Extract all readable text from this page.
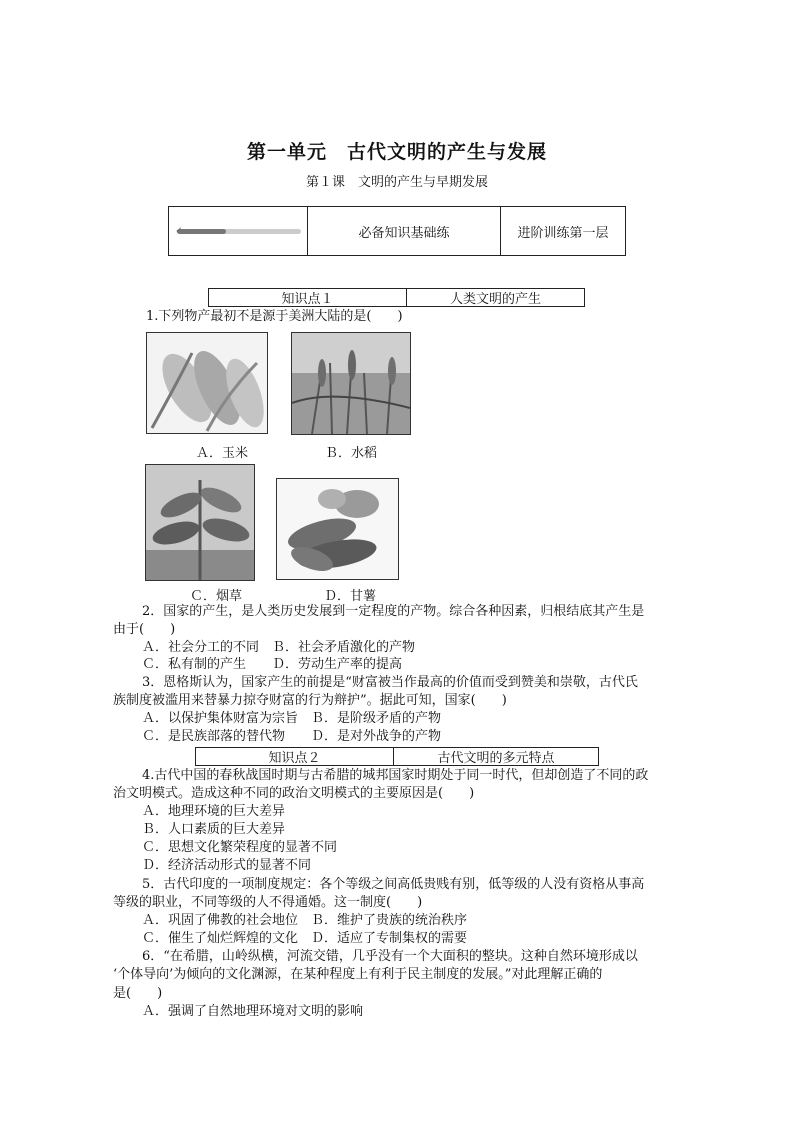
第一单元　古代文明的产生与发展
第１课　文明的产生与早期发展
✓	必备知识基础练	进阶训练第一层
知识点１	人类文明的产生
1.下列物产最初不是源于美洲大陆的是(　　)
Ａ．玉米	Ｂ．水稻
Ｃ．烟草	Ｄ．甘薯
2．国家的产生，是人类历史发展到一定程度的产物。综合各种因素，归根结底其产生是
由于(　　)
Ａ．社会分工的不同　Ｂ．社会矛盾激化的产物
Ｃ．私有制的产生　　Ｄ．劳动生产率的提高
3．恩格斯认为，国家产生的前提是“财富被当作最高的价值而受到赞美和崇敬，古代氏
族制度被滥用来替暴力掠夺财富的行为辩护”。据此可知，国家(　　)
Ａ．以保护集体财富为宗旨　Ｂ．是阶级矛盾的产物
Ｃ．是民族部落的替代物　　Ｄ．是对外战争的产物
知识点２	古代文明的多元特点
4.古代中国的春秋战国时期与古希腊的城邦国家时期处于同一时代，但却创造了不同的政
治文明模式。造成这种不同的政治文明模式的主要原因是(　　)
Ａ．地理环境的巨大差异
Ｂ．人口素质的巨大差异
Ｃ．思想文化繁荣程度的显著不同
Ｄ．经济活动形式的显著不同
5．古代印度的一项制度规定：各个等级之间高低贵贱有别，低等级的人没有资格从事高
等级的职业，不同等级的人不得通婚。这一制度(　　)
Ａ．巩固了佛教的社会地位　Ｂ．维护了贵族的统治秩序
Ｃ．催生了灿烂辉煌的文化　Ｄ．适应了专制集权的需要
6．“在希腊，山岭纵横，河流交错，几乎没有一个大面积的整块。这种自然环境形成以
‘个体导向’为倾向的文化渊源，在某种程度上有利于民主制度的发展。”对此理解正确的
是(　　)
Ａ．强调了自然地理环境对文明的影响
